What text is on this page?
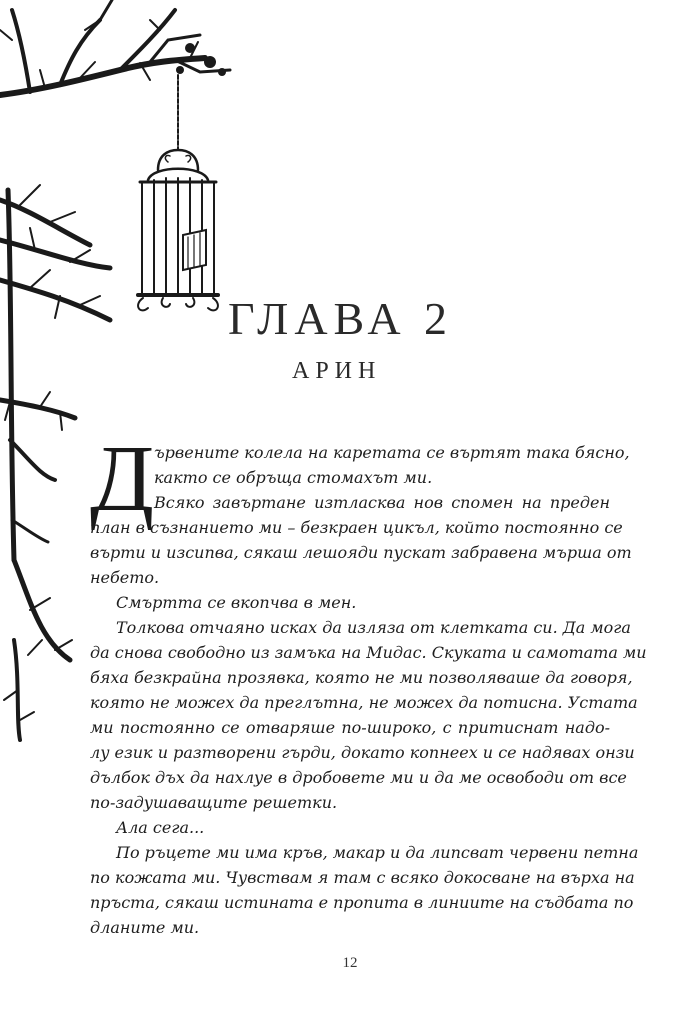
ГЛАВА 2
АРИН
Д ървените колела на каретата се въртят така бясно,
както се обръща стомахът ми.
Всяко завъртане изтласква нов спомен на преден
план в съзнанието ми – безкраен цикъл, който постоянно се
върти и изсипва, сякаш лешояди пускат забравена мърша от
небето.
Смъртта се вкопчва в мен.
Толкова отчаяно исках да изляза от клетката си. Да мога
да снова свободно из замъка на Мидас. Скуката и самотата ми
бяха безкрайна прозявка, която не ми позволяваше да говоря,
която не можех да преглътна, не можех да потисна. Устата
ми постоянно се отваряше по-широко, с притиснат надо-
лу език и разтворени гърди, докато копнеех и се надявах онзи
дълбок дъх да нахлуе в дробовете ми и да ме освободи от все
по-задушаващите решетки.
Ала сега...
По ръцете ми има кръв, макар и да липсват червени петна
по кожата ми. Чувствам я там с всяко докосване на върха на
пръста, сякаш истината е пропита в линиите на съдбата по
дланите ми.
12
